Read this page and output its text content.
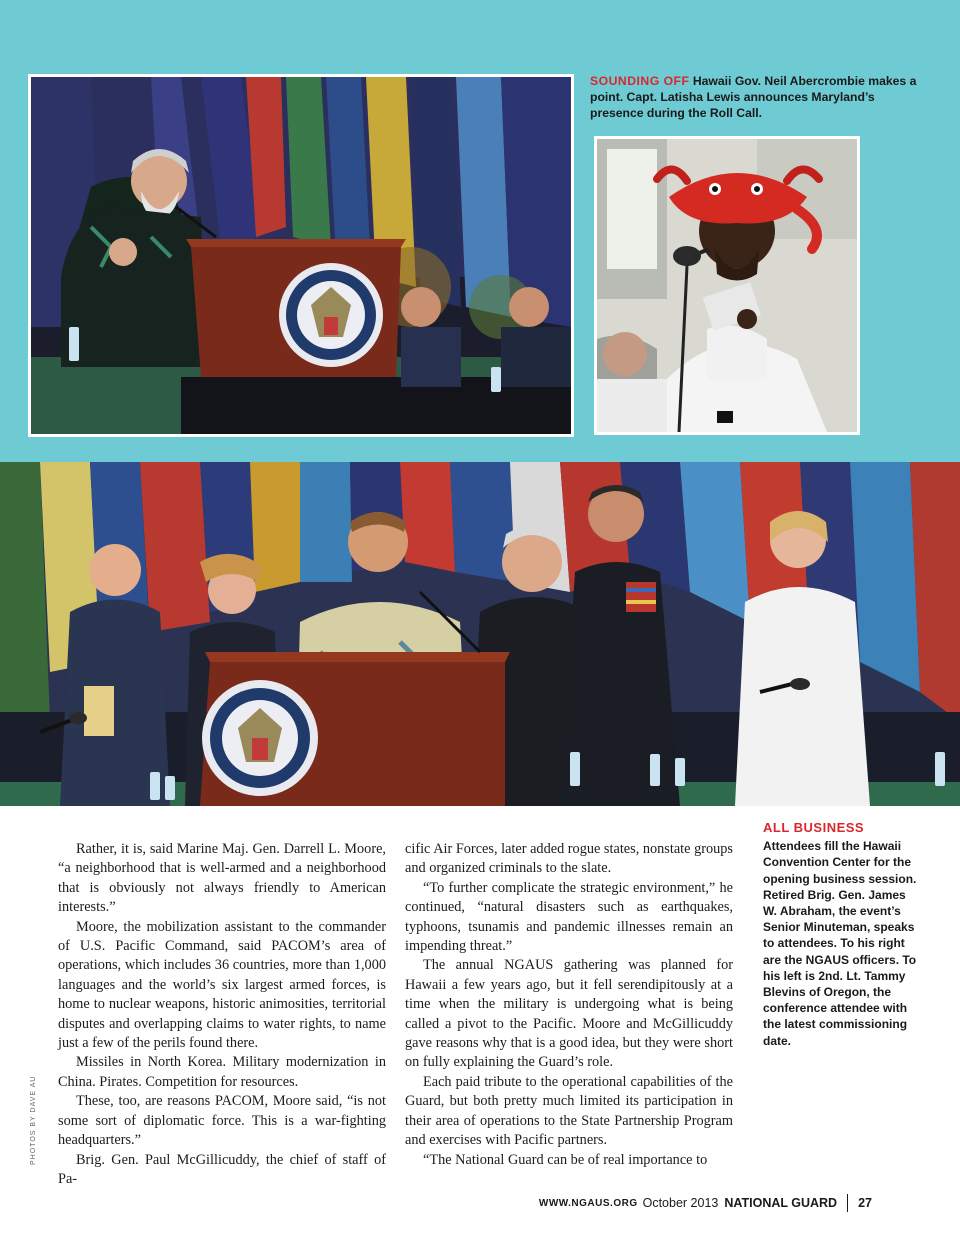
SOUNDING OFF Hawaii Gov. Neil Abercrombie makes a point. Capt. Latisha Lewis announces Maryland’s presence during the Roll Call.

Rather, it is, said Marine Maj. Gen. Darrell L. Moore, “a neighborhood that is well-armed and a neighborhood that is obviously not always friendly to American interests.”

Moore, the mobilization assistant to the commander of U.S. Pacific Command, said PACOM’s area of operations, which includes 36 countries, more than 1,000 languages and the world’s six largest armed forces, is home to nuclear weapons, historic animosities, territorial disputes and overlapping claims to water rights, to name just a few of the perils found there.

Missiles in North Korea. Military modernization in China. Pirates. Competition for resources.

These, too, are reasons PACOM, Moore said, “is not some sort of diplomatic force. This is a war-fighting headquarters.”

Brig. Gen. Paul McGillicuddy, the chief of staff of Pa-

cific Air Forces, later added rogue states, nonstate groups and organized criminals to the slate.

“To further complicate the strategic environment,” he continued, “natural disasters such as earthquakes, typhoons, tsunamis and pandemic illnesses remain an impending threat.”

The annual NGAUS gathering was planned for Hawaii a few years ago, but it fell serendipitously at a time when the military is undergoing what is being called a pivot to the Pacific. Moore and McGillicuddy gave reasons why that is a good idea, but they were short on fully explaining the Guard’s role.

Each paid tribute to the operational capabilities of the Guard, but both pretty much limited its participation in their area of operations to the State Partnership Program and exercises with Pacific partners.

“The National Guard can be of real importance to

ALL BUSINESS
Attendees fill the Hawaii Convention Center for the opening business session. Retired Brig. Gen. James W. Abraham, the event’s Senior Minuteman, speaks to attendees. To his right are the NGAUS officers. To his left is 2nd. Lt. Tammy Blevins of Oregon, the conference attendee with the latest commissioning date.
PHOTOS BY DAVE AU
WWW.NGAUS.ORG October 2013 NATIONAL GUARD 27
